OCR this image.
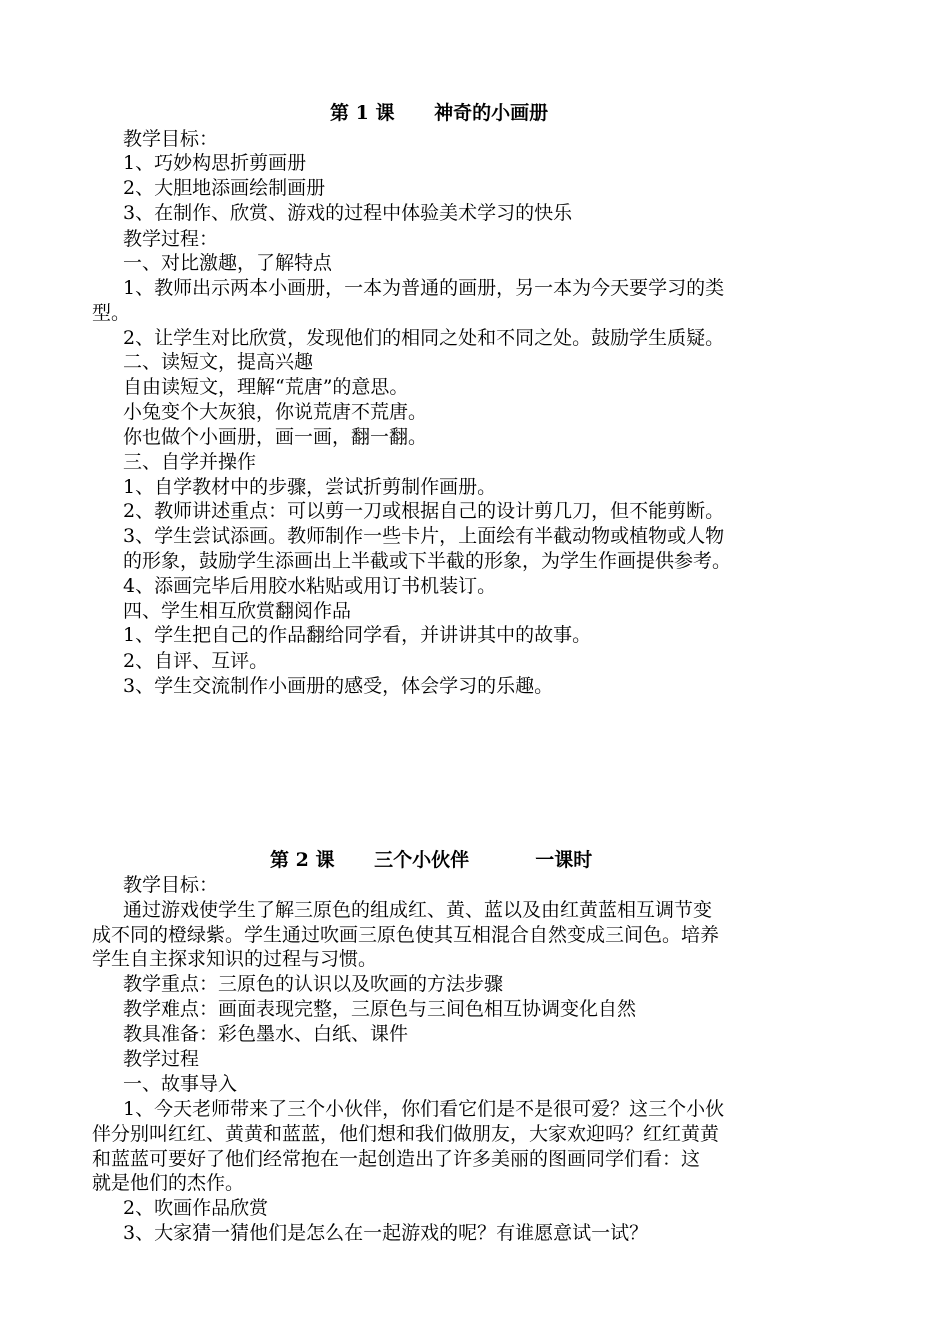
第 1 课      神奇的小画册
教学目标：
1、巧妙构思折剪画册
2、大胆地添画绘制画册
3、在制作、欣赏、游戏的过程中体验美术学习的快乐
教学过程：
一、对比激趣，了解特点
1、教师出示两本小画册，一本为普通的画册，另一本为今天要学习的类
型。
2、让学生对比欣赏，发现他们的相同之处和不同之处。鼓励学生质疑。
二、读短文，提高兴趣
自由读短文，理解“荒唐”的意思。
小兔变个大灰狼，你说荒唐不荒唐。
你也做个小画册，画一画，翻一翻。
三、自学并操作
1、自学教材中的步骤，尝试折剪制作画册。
2、教师讲述重点：可以剪一刀或根据自己的设计剪几刀，但不能剪断。
3、学生尝试添画。教师制作一些卡片，上面绘有半截动物或植物或人物
的形象，鼓励学生添画出上半截或下半截的形象，为学生作画提供参考。
4、添画完毕后用胶水粘贴或用订书机装订。
四、学生相互欣赏翻阅作品
1、学生把自己的作品翻给同学看，并讲讲其中的故事。
2、自评、互评。
3、学生交流制作小画册的感受，体会学习的乐趣。
第 2 课      三个小伙伴          一课时
教学目标：
通过游戏使学生了解三原色的组成红、黄、蓝以及由红黄蓝相互调节变
成不同的橙绿紫。学生通过吹画三原色使其互相混合自然变成三间色。培养
学生自主探求知识的过程与习惯。
教学重点：三原色的认识以及吹画的方法步骤
教学难点：画面表现完整，三原色与三间色相互协调变化自然
教具准备：彩色墨水、白纸、课件
教学过程
一、故事导入
1、今天老师带来了三个小伙伴，你们看它们是不是很可爱？这三个小伙
伴分别叫红红、黄黄和蓝蓝，他们想和我们做朋友，大家欢迎吗？红红黄黄
和蓝蓝可要好了他们经常抱在一起创造出了许多美丽的图画同学们看：这
就是他们的杰作。
2、吹画作品欣赏
3、大家猜一猜他们是怎么在一起游戏的呢？有谁愿意试一试？
